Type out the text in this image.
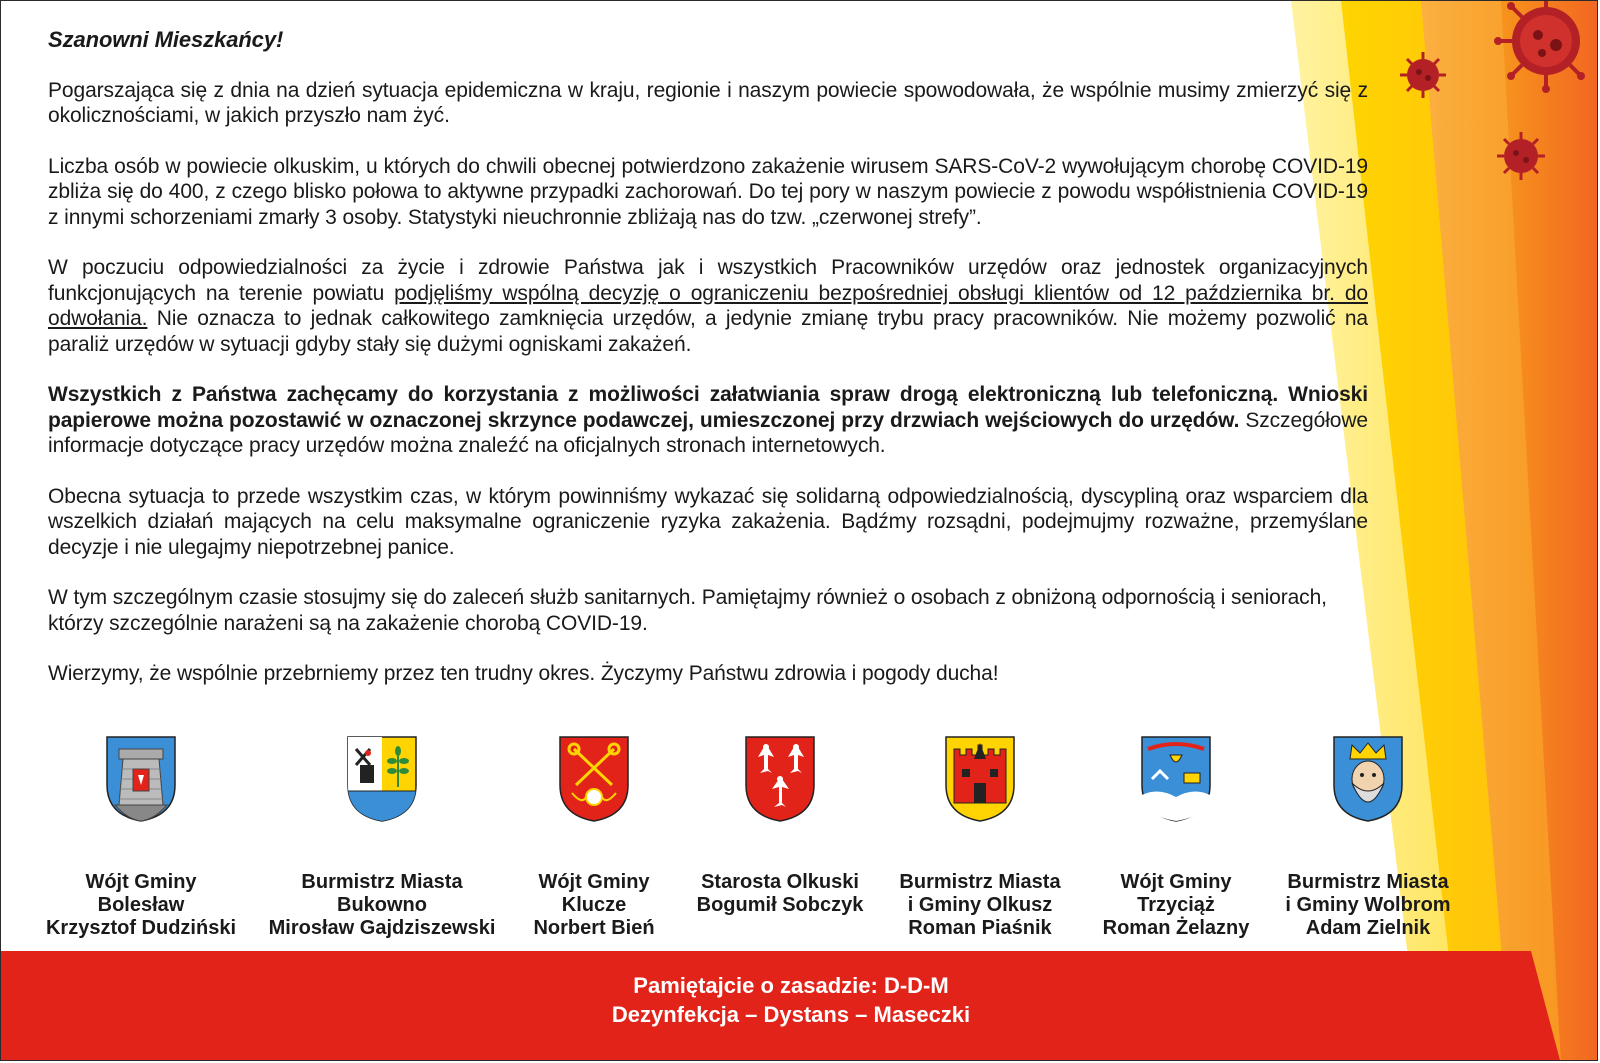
Szanowni Mieszkańcy!

Pogarszająca się z dnia na dzień sytuacja epidemiczna w kraju, regionie i naszym powiecie spowodowała, że wspólnie musimy zmierzyć się z okolicznościami, w jakich przyszło nam żyć.

Liczba osób w powiecie olkuskim, u których do chwili obecnej potwierdzono zakażenie wirusem SARS-CoV-2 wywołującym chorobę COVID-19 zbliża się do 400, z czego blisko połowa to aktywne przypadki zachorowań. Do tej pory w naszym powiecie z powodu współistnienia COVID-19 z innymi schorzeniami zmarły 3 osoby. Statystyki nieuchronnie zbliżają nas do tzw. „czerwonej strefy”.

W poczuciu odpowiedzialności za życie i zdrowie Państwa jak i wszystkich Pracowników urzędów oraz jednostek organizacyjnych funkcjonujących na terenie powiatu podjęliśmy wspólną decyzję o ograniczeniu bezpośredniej obsługi klientów od 12 października br. do odwołania. Nie oznacza to jednak całkowitego zamknięcia urzędów, a jedynie zmianę trybu pracy pracowników. Nie możemy pozwolić na paraliż urzędów w sytuacji gdyby stały się dużymi ogniskami zakażeń.

Wszystkich z Państwa zachęcamy do korzystania z możliwości załatwiania spraw drogą elektroniczną lub telefoniczną. Wnioski papierowe można pozostawić w oznaczonej skrzynce podawczej, umieszczonej przy drzwiach wejściowych do urzędów. Szczegółowe informacje dotyczące pracy urzędów można znaleźć na oficjalnych stronach internetowych.

Obecna sytuacja to przede wszystkim czas, w którym powinniśmy wykazać się solidarną odpowiedzialnością, dyscypliną oraz wsparciem dla wszelkich działań mających na celu maksymalne ograniczenie ryzyka zakażenia. Bądźmy rozsądni, podejmujmy rozważne, przemyślane decyzje i nie ulegajmy niepotrzebnej panice.

W tym szczególnym czasie stosujmy się do zaleceń służb sanitarnych. Pamiętajmy również o osobach z obniżoną odpornością i seniorach, którzy szczególnie narażeni są na zakażenie chorobą COVID-19.

Wierzymy, że wspólnie przebrniemy przez ten trudny okres. Życzymy Państwu zdrowia i pogody ducha!

Wójt Gminy
Bolesław
Krzysztof Dudziński
Burmistrz Miasta
Bukowno
Mirosław Gajdziszewski
Wójt Gminy
Klucze
Norbert Bień
Starosta Olkuski
Bogumił Sobczyk
Burmistrz Miasta
i Gminy Olkusz
Roman Piaśnik
Wójt Gminy
Trzyciąż
Roman Żelazny
Burmistrz Miasta
i Gminy Wolbrom
Adam Zielnik
Pamiętajcie o zasadzie: D-D-M
Dezynfekcja – Dystans – Maseczki
